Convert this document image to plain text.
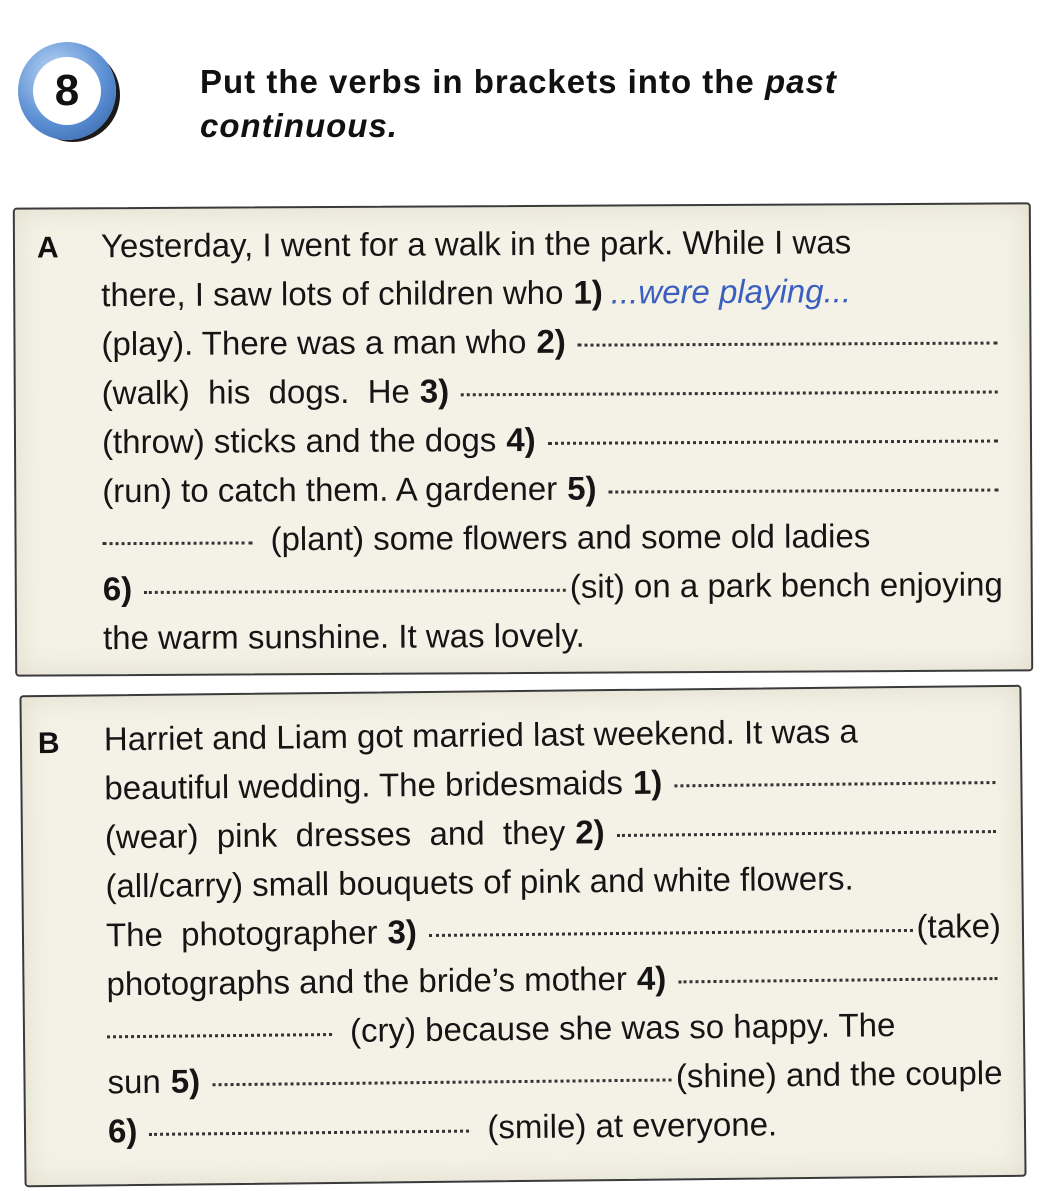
8	Put the verbs in brackets into the past
continuous.
A Yesterday, I went for a walk in the park. While I was
there, I saw lots of children who 1) ...were playing...
(play). There was a man who 2)
(walk)  his  dogs.  He 3)
(throw) sticks and the dogs 4)
(run) to catch them. A gardener 5)
(plant) some flowers and some old ladies
6)	(sit) on a park bench enjoying
the warm sunshine. It was lovely.
B Harriet and Liam got married last weekend. It was a
beautiful wedding. The bridesmaids 1)
(wear)  pink  dresses  and  they 2)
(all/carry) small bouquets of pink and white flowers.
The  photographer 3)	(take)
photographs and the bride’s mother 4)
(cry) because she was so happy. The
sun 5)	(shine) and the couple
6)	(smile) at everyone.
